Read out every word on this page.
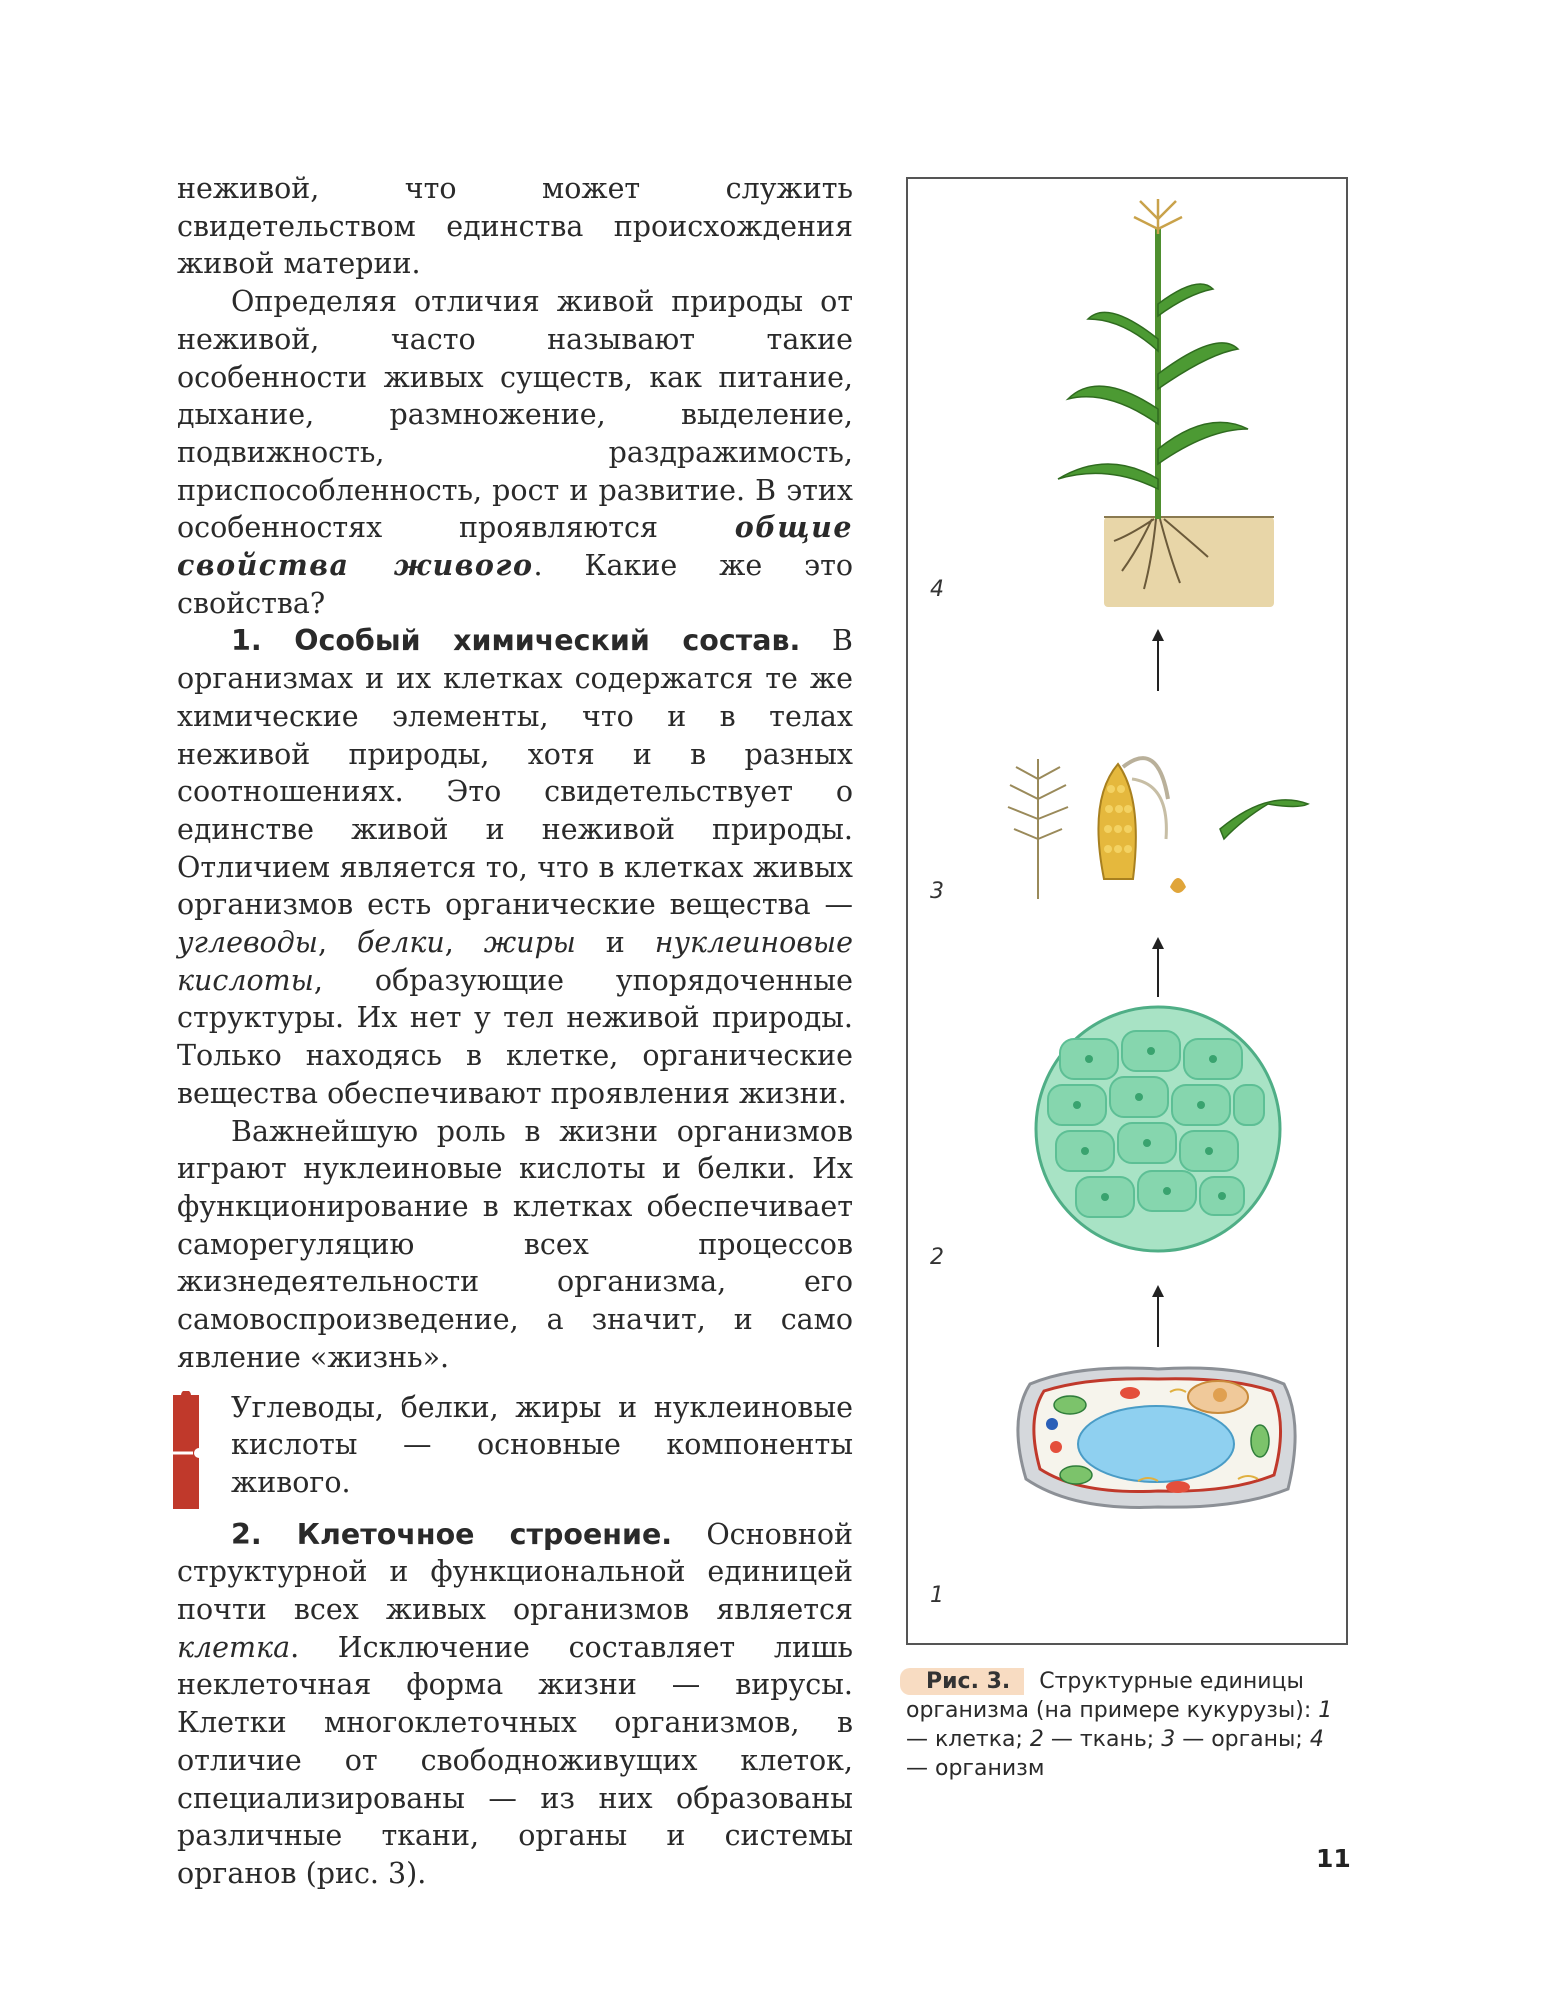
неживой, что может служить свидетельством единства происхождения живой материи.

Определяя отличия живой природы от неживой, часто называют такие особенности живых существ, как питание, дыхание, размножение, выделение, подвижность, раздражимость, приспособленность, рост и развитие. В этих особенностях проявляются общие свойства живого. Какие же это свойства?

1. Особый химический состав. В организмах и их клетках содержатся те же химические элементы, что и в телах неживой природы, хотя и в разных соотношениях. Это свидетельствует о единстве живой и неживой природы. Отличием является то, что в клетках живых организмов есть органические вещества — углеводы, белки, жиры и нуклеиновые кислоты, образующие упорядоченные структуры. Их нет у тел неживой природы. Только находясь в клетке, органические вещества обеспечивают проявления жизни.

Важнейшую роль в жизни организмов играют нуклеиновые кислоты и белки. Их функционирование в клетках обеспечивает саморегуляцию всех процессов жизнедеятельности организма, его самовоспроизведение, а значит, и само явление «жизнь».

Углеводы, белки, жиры и нуклеиновые кислоты — основные компоненты живого.

2. Клеточное строение. Основной структурной и функциональной единицей почти всех живых организмов является клетка. Исключение составляет лишь неклеточная форма жизни — вирусы. Клетки многоклеточных организмов, в отличие от свободноживущих клеток, специализированы — из них образованы различные ткани, органы и системы органов (рис. 3).

4
3
2
1

Рис. 3. Структурные единицы организма (на примере кукурузы): 1 — клетка; 2 — ткань; 3 — органы; 4 — организм

11
